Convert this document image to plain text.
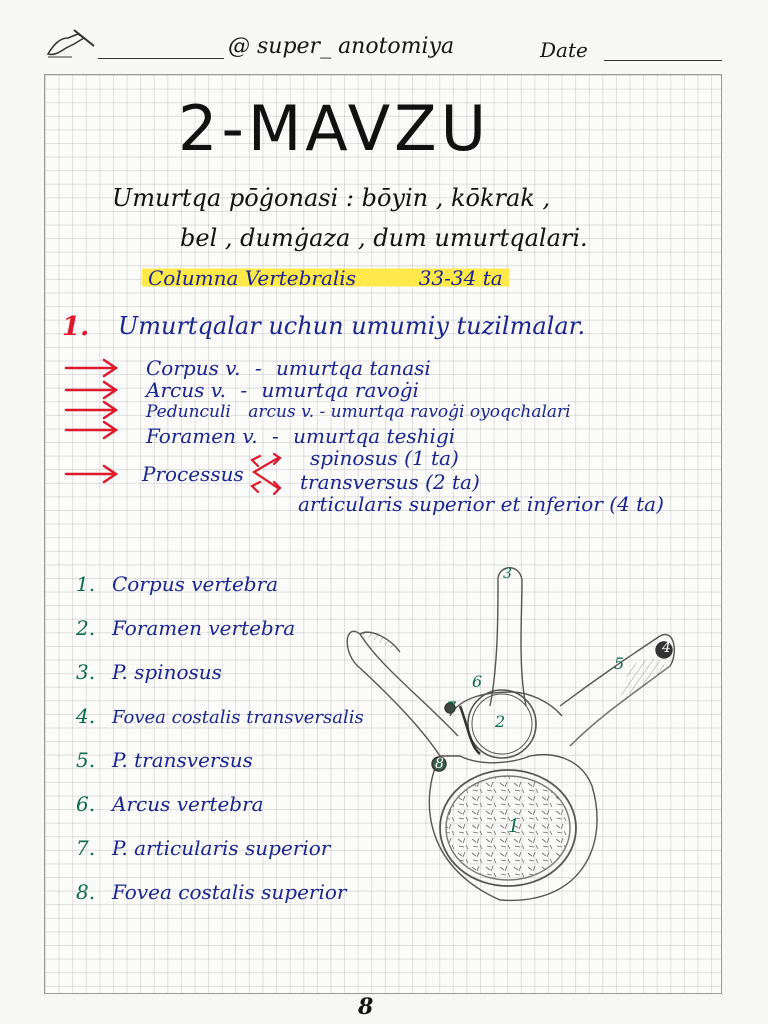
@ super_ anotomiya	Date
2-MAVZU
Umurtqa pōġonasi : bōyin , kōkrak ,
bel , dumġaza , dum umurtqalari.
Columna Vertebralis	33-34 ta
1. Umurtqalar uchun umumiy tuzilmalar.
Corpus v. - umurtqa tanasi
Arcus v. - umurtqa ravoġi
Pedunculi arcus v. - umurtqa ravoġi oyoqchalari
Foramen v. - umurtqa teshigi
spinosus (1 ta)
Processus	transversus (2 ta)
articularis superior et inferior (4 ta)
1. Corpus vertebra
2. Foramen vertebra
3. P. spinosus
4. Fovea costalis transversalis
5. P. transversus
6. Arcus vertebra
7. P. articularis superior
8. Fovea costalis superior
3
4
5
6
7
2
8
1
8
